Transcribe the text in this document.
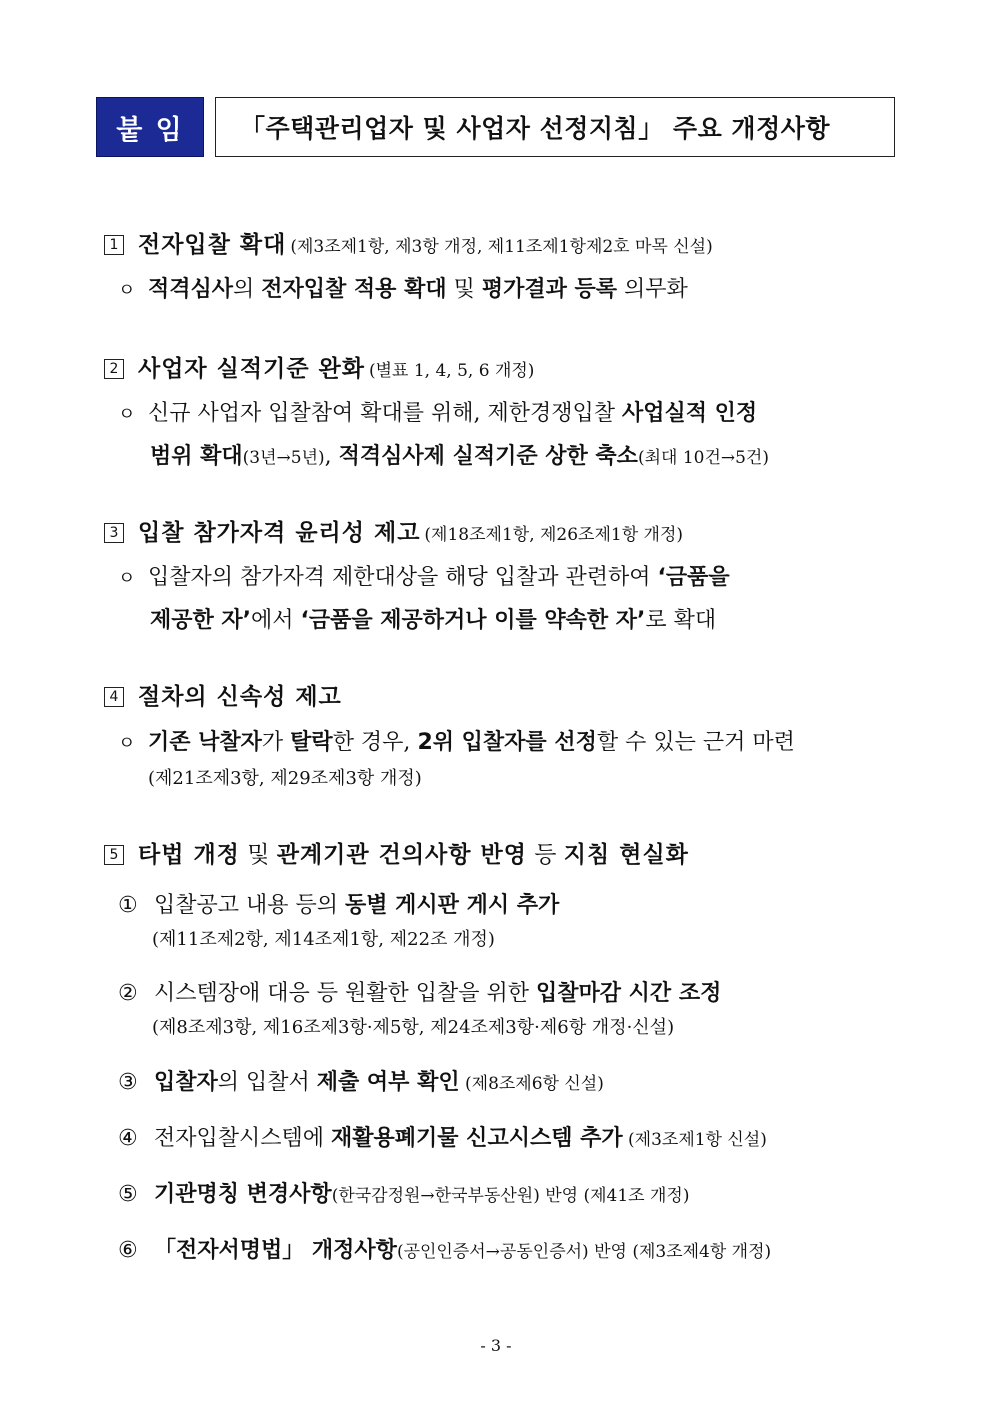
붙 임	「주택관리업자 및 사업자 선정지침」 주요 개정사항
1 전자입찰 확대 (제3조제1항, 제3항 개정, 제11조제1항제2호 마목 신설)
ㅇ 적격심사의 전자입찰 적용 확대 및 평가결과 등록 의무화
2 사업자 실적기준 완화 (별표 1, 4, 5, 6 개정)
ㅇ 신규 사업자 입찰참여 확대를 위해, 제한경쟁입찰 사업실적 인정
범위 확대(3년→5년), 적격심사제 실적기준 상한 축소(최대 10건→5건)
3 입찰 참가자격 윤리성 제고 (제18조제1항, 제26조제1항 개정)
ㅇ 입찰자의 참가자격 제한대상을 해당 입찰과 관련하여 ‘금품을
제공한 자’에서 ‘금품을 제공하거나 이를 약속한 자’로 확대
4 절차의 신속성 제고
ㅇ 기존 낙찰자가 탈락한 경우, 2위 입찰자를 선정할 수 있는 근거 마련
(제21조제3항, 제29조제3항 개정)
5 타법 개정 및 관계기관 건의사항 반영 등 지침 현실화
① 입찰공고 내용 등의 동별 게시판 게시 추가
(제11조제2항, 제14조제1항, 제22조 개정)
② 시스템장애 대응 등 원활한 입찰을 위한 입찰마감 시간 조정
(제8조제3항, 제16조제3항·제5항, 제24조제3항·제6항 개정·신설)
③ 입찰자의 입찰서 제출 여부 확인 (제8조제6항 신설)
④ 전자입찰시스템에 재활용폐기물 신고시스템 추가 (제3조제1항 신설)
⑤ 기관명칭 변경사항(한국감정원→한국부동산원) 반영 (제41조 개정)
⑥ 「전자서명법」 개정사항(공인인증서→공동인증서) 반영 (제3조제4항 개정)
- 3 -
